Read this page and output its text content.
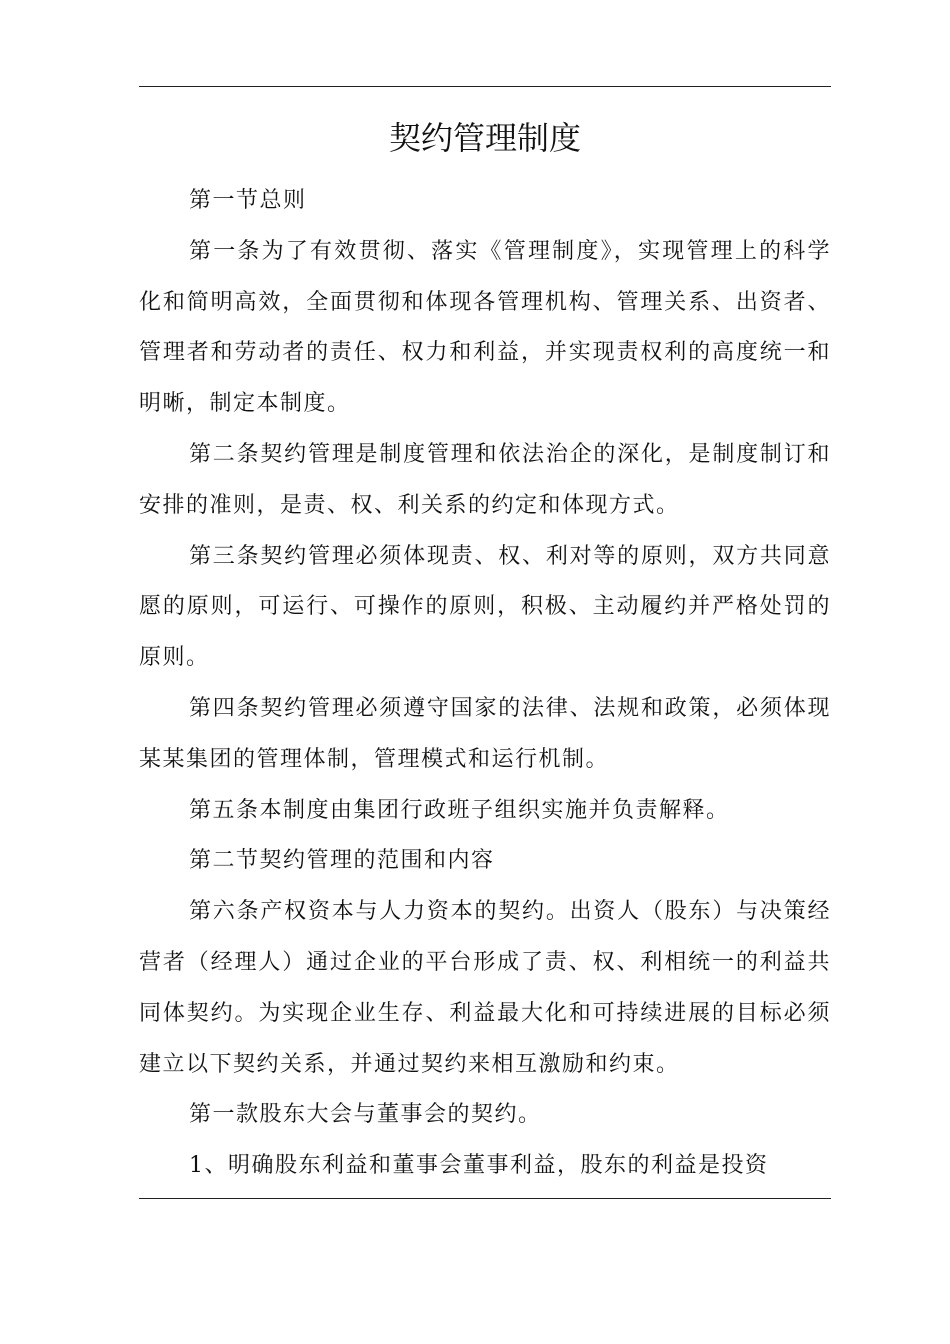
契约管理制度

第一节总则

第一条为了有效贯彻、落实《管理制度》，实现管理上的科学化和简明高效，全面贯彻和体现各管理机构、管理关系、出资者、管理者和劳动者的责任、权力和利益，并实现责权利的高度统一和明晰，制定本制度。

第二条契约管理是制度管理和依法治企的深化，是制度制订和安排的准则，是责、权、利关系的约定和体现方式。

第三条契约管理必须体现责、权、利对等的原则，双方共同意愿的原则，可运行、可操作的原则，积极、主动履约并严格处罚的原则。

第四条契约管理必须遵守国家的法律、法规和政策，必须体现某某集团的管理体制，管理模式和运行机制。

第五条本制度由集团行政班子组织实施并负责解释。

第二节契约管理的范围和内容

第六条产权资本与人力资本的契约。出资人（股东）与决策经营者（经理人）通过企业的平台形成了责、权、利相统一的利益共同体契约。为实现企业生存、利益最大化和可持续进展的目标必须建立以下契约关系，并通过契约来相互激励和约束。

第一款股东大会与董事会的契约。

1、明确股东利益和董事会董事利益，股东的利益是投资
